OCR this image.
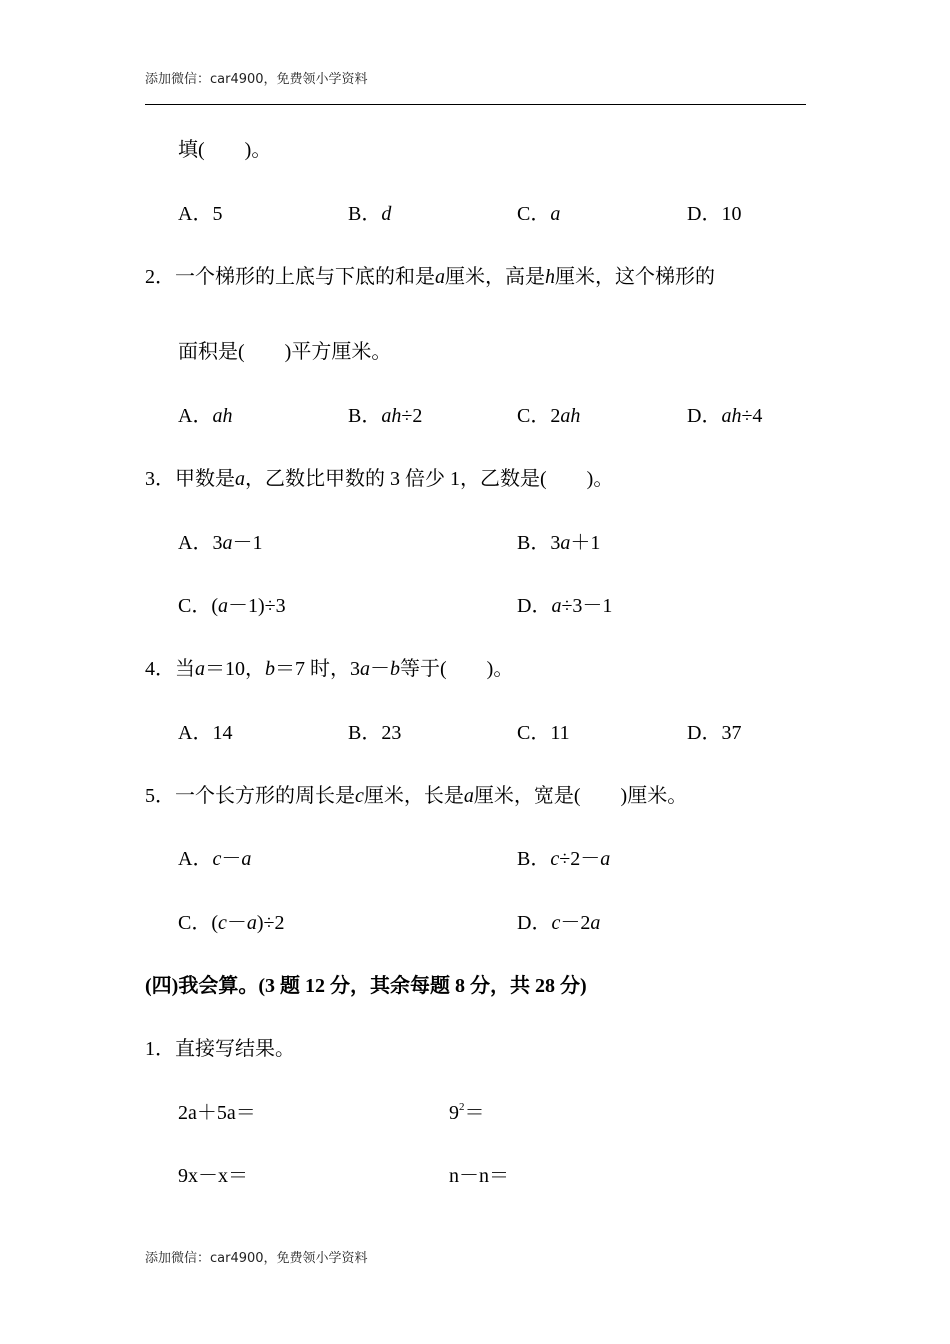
添加微信：car4900，免费领小学资料
填(　　)。
A．5	B．d	C．a	D．10
2．一个梯形的上底与下底的和是a厘米，高是h厘米，这个梯形的
面积是(　　)平方厘米。
A．ah	B．ah÷2	C．2ah	D．ah÷4
3．甲数是a，乙数比甲数的 3 倍少 1，乙数是(　　)。
A．3a－1	B．3a＋1
C．(a－1)÷3	D．a÷3－1
4．当a＝10，b＝7 时，3a－b等于(　　)。
A．14	B．23	C．11	D．37
5．一个长方形的周长是c厘米，长是a厘米，宽是(　　)厘米。
A．c－a	B．c÷2－a
C．(c－a)÷2	D．c－2a
(四)我会算。(3 题 12 分，其余每题 8 分，共 28 分)
1．直接写结果。
2a＋5a＝	$9^2=$
9x－x＝	n－n＝
添加微信：car4900，免费领小学资料
